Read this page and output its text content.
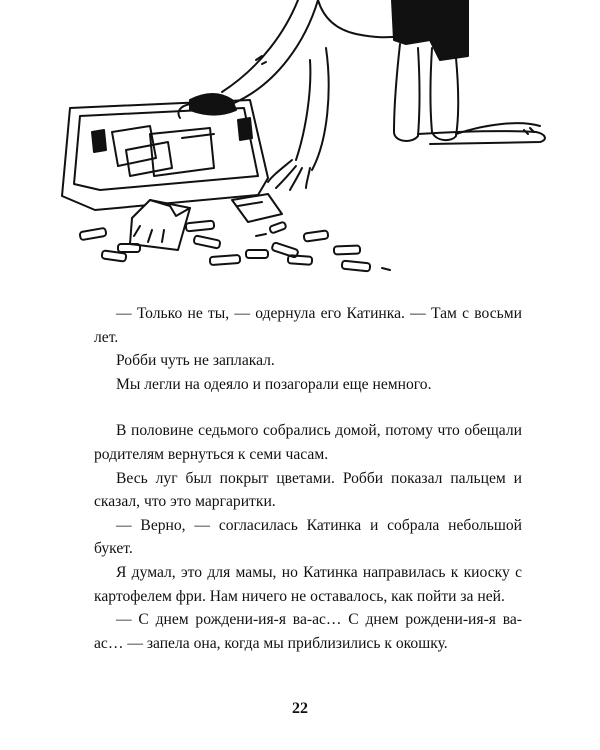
— Только не ты, — одернула его Катинка. — Там с восьми лет.

Робби чуть не заплакал.

Мы легли на одеяло и позагорали еще немного.

В половине седьмого собрались домой, потому что обещали родителям вернуться к семи часам.

Весь луг был покрыт цветами. Робби показал пальцем и сказал, что это маргаритки.

— Верно, — согласилась Катинка и собрала небольшой букет.

Я думал, это для мамы, но Катинка направилась к киоску с картофелем фри. Нам ничего не оставалось, как пойти за ней.

— С днем рождени-ия-я ва-ас… С днем рождени-ия-я ва-ас… — запела она, когда мы приблизились к окошку.

22
